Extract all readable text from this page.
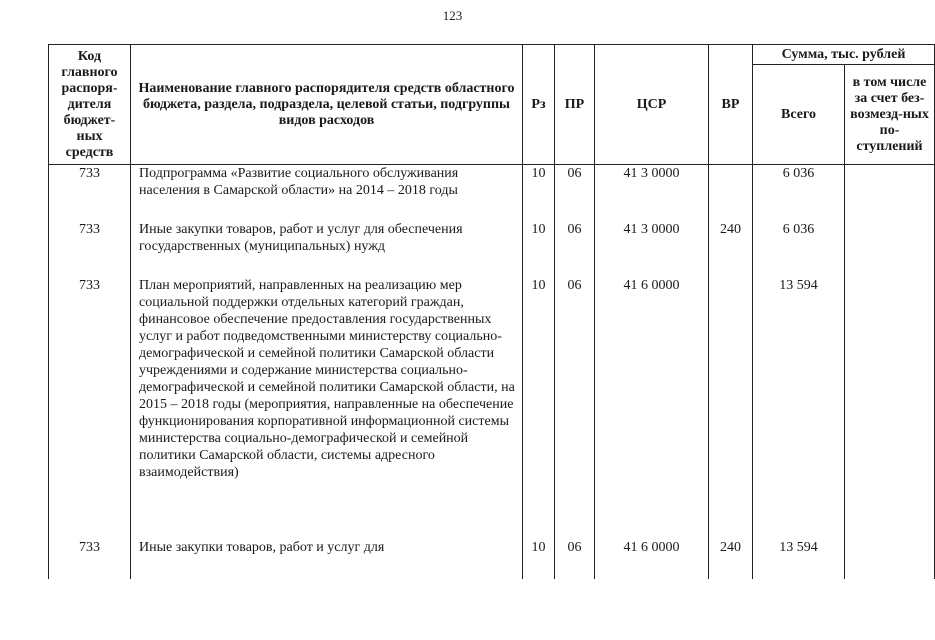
123
Код главного распоря-дителя бюджет-ных средств	Наименование главного распорядителя средств областного бюджета, раздела, подраздела, целевой статьи, подгруппы видов расходов	Рз	ПР	ЦСР	ВР	Сумма, тыс. рублей	
						Всего	в том числе за счет без-возмезд-ных по-ступлений
733	Подпрограмма «Развитие социального обслуживания населения в Самарской области» на 2014 – 2018 годы	10	06	41 3 0000		6 036	
733	Иные закупки товаров, работ и услуг для обеспечения государственных (муниципальных) нужд	10	06	41 3 0000	240	6 036	
733	План мероприятий, направленных на реализацию мер социальной поддержки отдельных категорий граждан, финансовое обеспечение предоставления государственных услуг и работ подведомственными министерству социально-демографической и семейной политики Самарской области учреждениями и содержание министерства социально-демографической и семейной политики Самарской области, на 2015 – 2018 годы (мероприятия, направленные на обеспечение функционирования корпоративной информационной системы министерства социально-демографической и семейной политики Самарской области, системы адресного взаимодействия)	10	06	41 6 0000		13 594	
733	Иные закупки товаров, работ и услуг для	10	06	41 6 0000	240	13 594	
